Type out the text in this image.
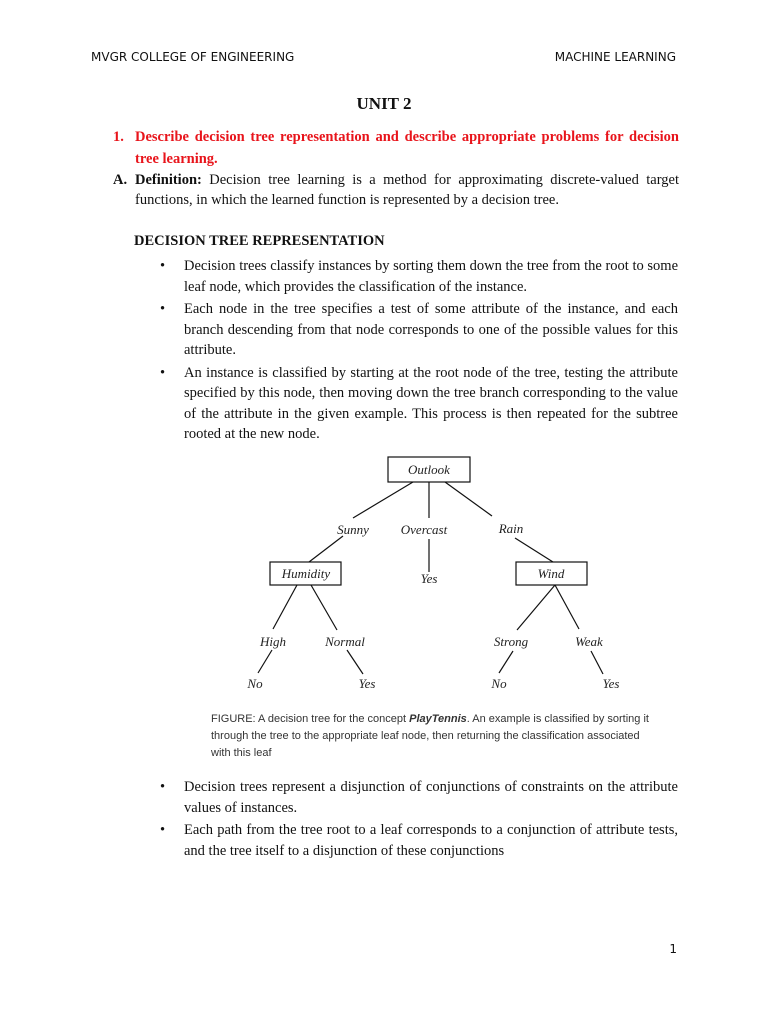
MVGR COLLEGE OF ENGINEERING	MACHINE LEARNING
UNIT 2
1. Describe decision tree representation and describe appropriate problems for decision
tree learning.
A. Definition: Decision tree learning is a method for approximating discrete-valued target
functions, in which the learned function is represented by a decision tree.
DECISION TREE REPRESENTATION
• Decision trees classify instances by sorting them down the tree from the root to some leaf node, which provides the classification of the instance.
• Each node in the tree specifies a test of some attribute of the instance, and each branch descending from that node corresponds to one of the possible values for this attribute.
• An instance is classified by starting at the root node of the tree, testing the attribute specified by this node, then moving down the tree branch corresponding to the value of the attribute in the given example. This process is then repeated for the subtree rooted at the new node.
Outlook
Sunny Overcast	Rain
Humidity	Yes	Wind
High	Normal	Strong	Weak
No	Yes	No	Yes
FIGURE: A decision tree for the concept PlayTennis. An example is classified by sorting it through the tree to the appropriate leaf node, then returning the classification associated with this leaf
• Decision trees represent a disjunction of conjunctions of constraints on the attribute values of instances.
• Each path from the tree root to a leaf corresponds to a conjunction of attribute tests, and the tree itself to a disjunction of these conjunctions
1
